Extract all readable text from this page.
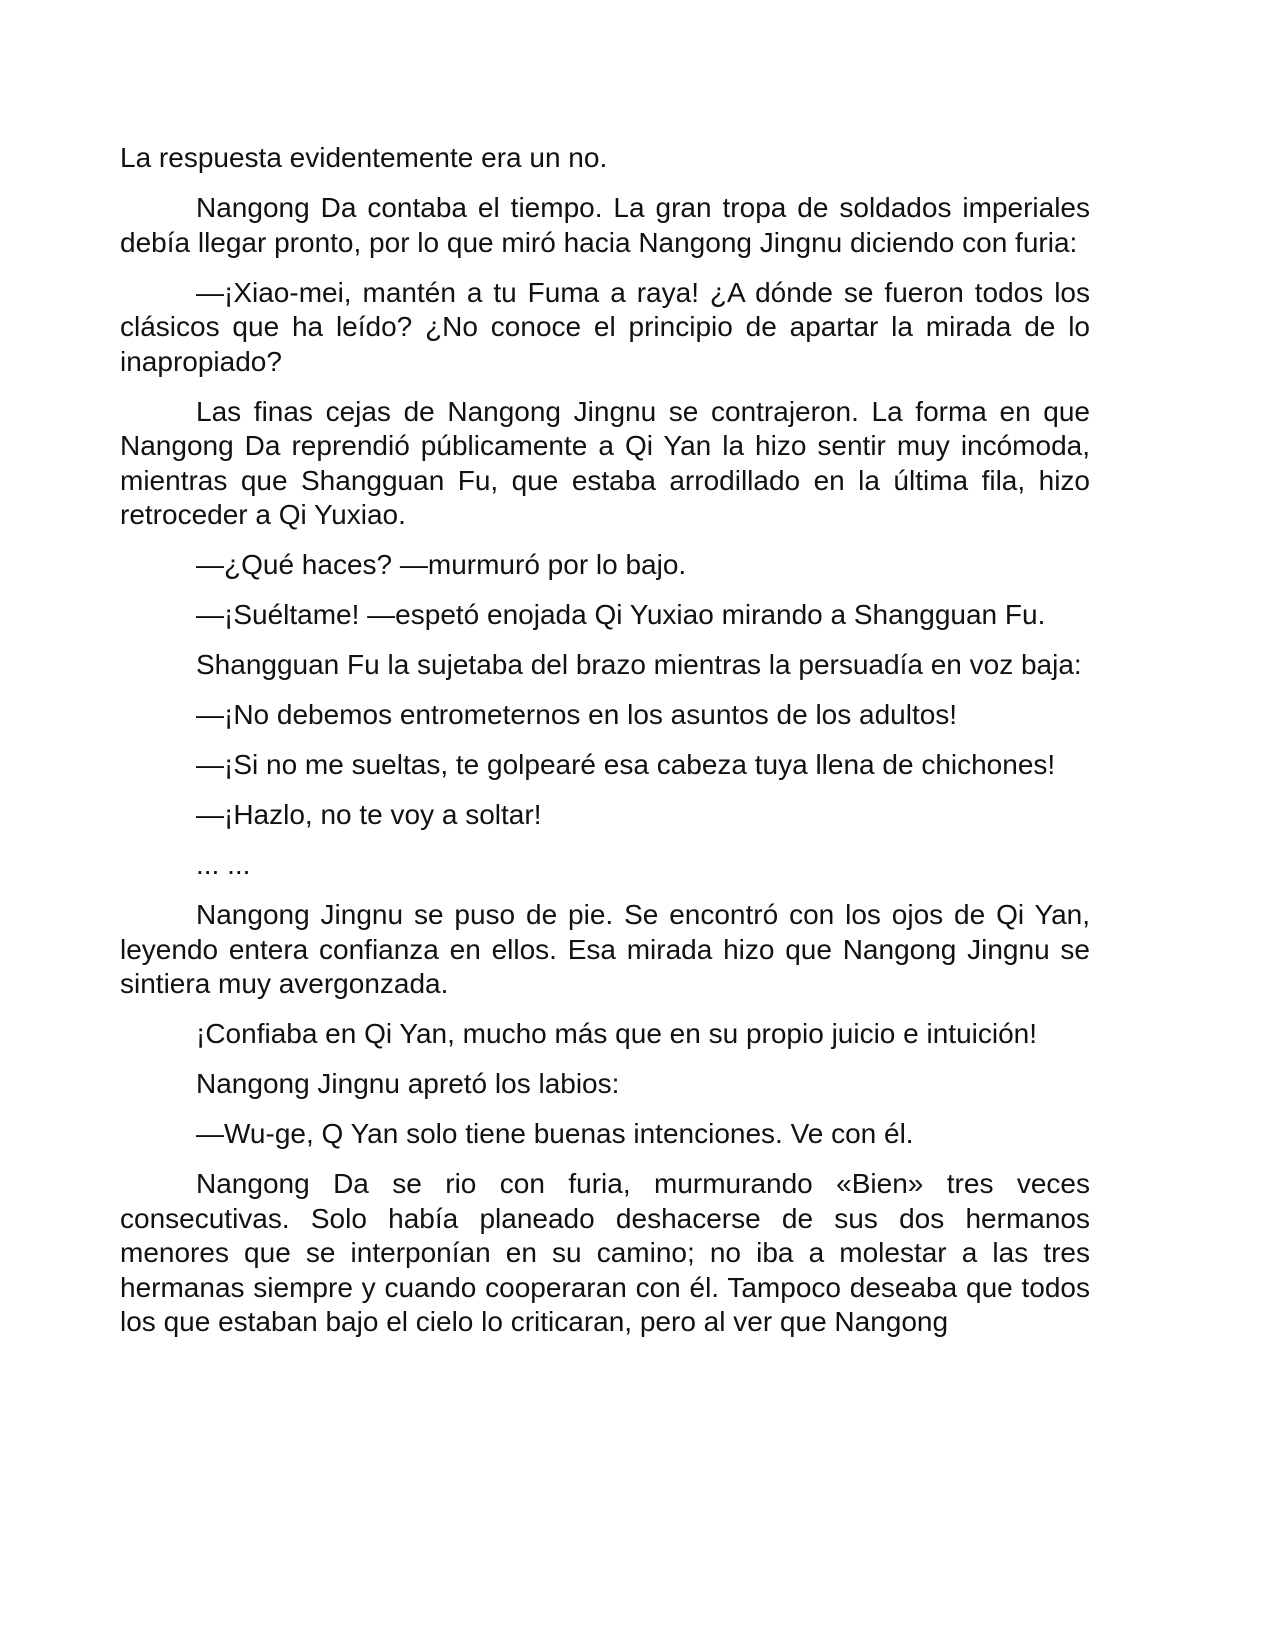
La respuesta evidentemente era un no.

Nangong Da contaba el tiempo. La gran tropa de soldados imperiales debía llegar pronto, por lo que miró hacia Nangong Jingnu diciendo con furia:

—¡Xiao-mei, mantén a tu Fuma a raya! ¿A dónde se fueron todos los clásicos que ha leído? ¿No conoce el principio de apartar la mirada de lo inapropiado?

Las finas cejas de Nangong Jingnu se contrajeron. La forma en que Nangong Da reprendió públicamente a Qi Yan la hizo sentir muy incómoda, mientras que Shangguan Fu, que estaba arrodillado en la última fila, hizo retroceder a Qi Yuxiao.

—¿Qué haces? —murmuró por lo bajo.

—¡Suéltame! —espetó enojada Qi Yuxiao mirando a Shangguan Fu.

Shangguan Fu la sujetaba del brazo mientras la persuadía en voz baja:

—¡No debemos entrometernos en los asuntos de los adultos!

—¡Si no me sueltas, te golpearé esa cabeza tuya llena de chichones!

—¡Hazlo, no te voy a soltar!

... ...

Nangong Jingnu se puso de pie. Se encontró con los ojos de Qi Yan, leyendo entera confianza en ellos. Esa mirada hizo que Nangong Jingnu se sintiera muy avergonzada.

¡Confiaba en Qi Yan, mucho más que en su propio juicio e intuición!

Nangong Jingnu apretó los labios:

—Wu-ge, Q Yan solo tiene buenas intenciones. Ve con él.

Nangong Da se rio con furia, murmurando «Bien» tres veces consecutivas. Solo había planeado deshacerse de sus dos hermanos menores que se interponían en su camino; no iba a molestar a las tres hermanas siempre y cuando cooperaran con él. Tampoco deseaba que todos los que estaban bajo el cielo lo criticaran, pero al ver que Nangong
